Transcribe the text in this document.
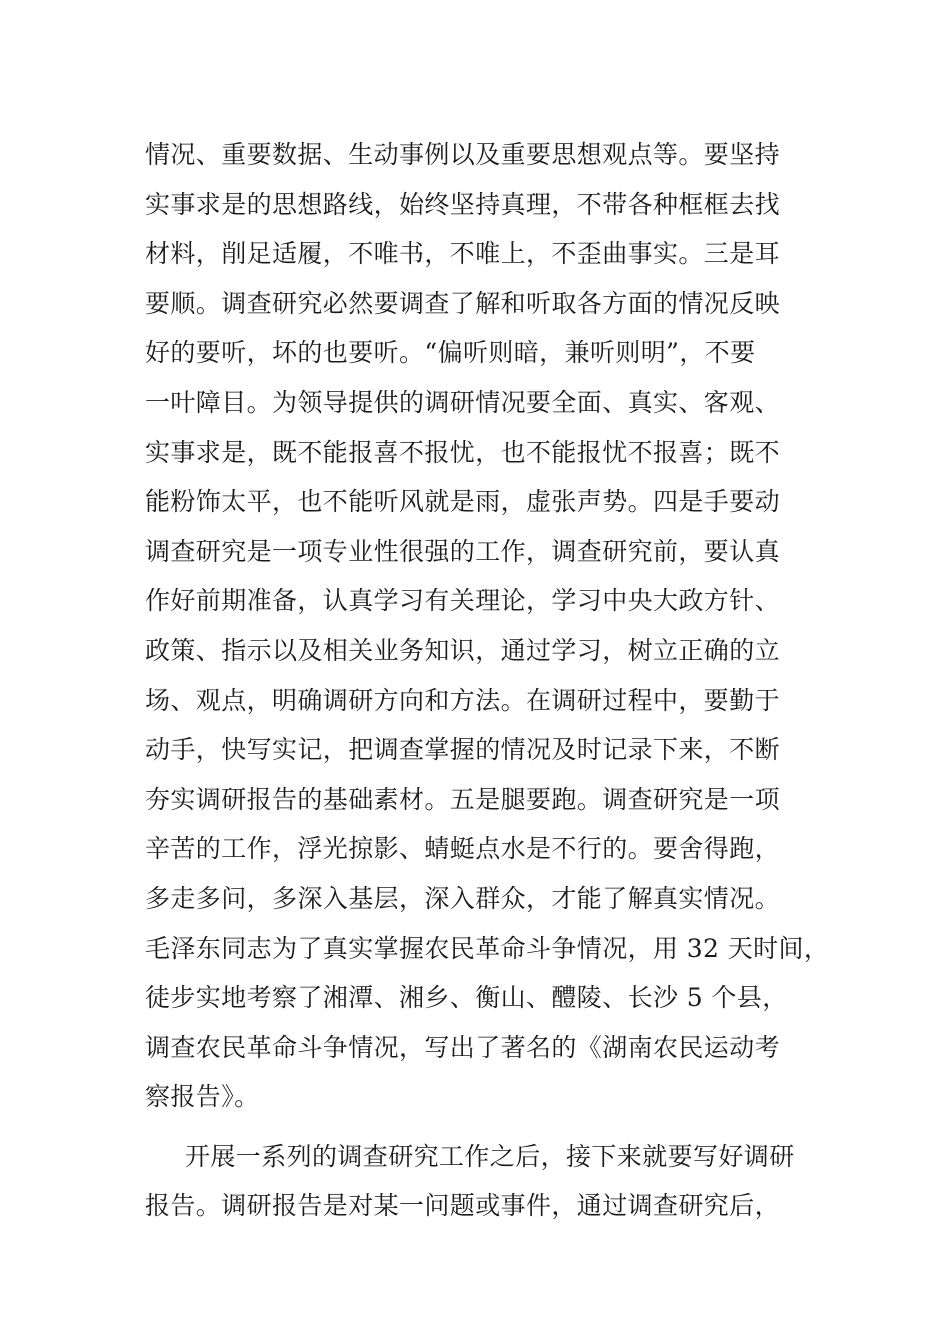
情况、重要数据、生动事例以及重要思想观点等。要坚持
实事求是的思想路线，始终坚持真理，不带各种框框去找
材料，削足适履，不唯书，不唯上，不歪曲事实。三是耳
要顺。调查研究必然要调查了解和听取各方面的情况反映
好的要听，坏的也要听。“偏听则暗，兼听则明”，不要
一叶障目。为领导提供的调研情况要全面、真实、客观、
实事求是，既不能报喜不报忧，也不能报忧不报喜；既不
能粉饰太平，也不能听风就是雨，虚张声势。四是手要动
调查研究是一项专业性很强的工作，调查研究前，要认真
作好前期准备，认真学习有关理论，学习中央大政方针、
政策、指示以及相关业务知识，通过学习，树立正确的立
场、观点，明确调研方向和方法。在调研过程中，要勤于
动手，快写实记，把调查掌握的情况及时记录下来，不断
夯实调研报告的基础素材。五是腿要跑。调查研究是一项
辛苦的工作，浮光掠影、蜻蜓点水是不行的。要舍得跑，
多走多问，多深入基层，深入群众，才能了解真实情况。
毛泽东同志为了真实掌握农民革命斗争情况，用 32 天时间，
徒步实地考察了湘潭、湘乡、衡山、醴陵、长沙 5 个县，
调查农民革命斗争情况，写出了著名的《湖南农民运动考
察报告》。
开展一系列的调查研究工作之后，接下来就要写好调研
报告。调研报告是对某一问题或事件，通过调查研究后，
